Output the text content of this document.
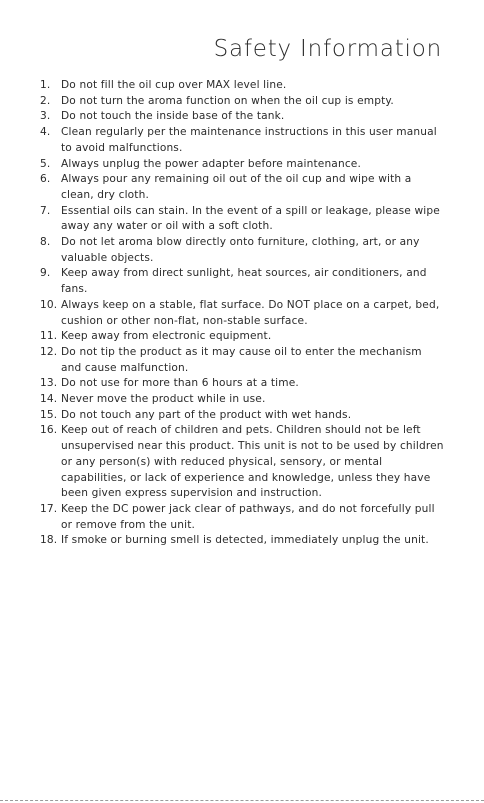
Safety Information
1. Do not fill the oil cup over MAX level line.
2. Do not turn the aroma function on when the oil cup is empty.
3. Do not touch the inside base of the tank.
4. Clean regularly per the maintenance instructions in this user manual to avoid malfunctions.
5. Always unplug the power adapter before maintenance.
6. Always pour any remaining oil out of the oil cup and wipe with a clean, dry cloth.
7. Essential oils can stain. In the event of a spill or leakage, please wipe away any water or oil with a soft cloth.
8. Do not let aroma blow directly onto furniture, clothing, art, or any valuable objects.
9. Keep away from direct sunlight, heat sources, air conditioners, and fans.
10. Always keep on a stable, flat surface. Do NOT place on a carpet, bed, cushion or other non-flat, non-stable surface.
11. Keep away from electronic equipment.
12. Do not tip the product as it may cause oil to enter the mechanism and cause malfunction.
13. Do not use for more than 6 hours at a time.
14. Never move the product while in use.
15. Do not touch any part of the product with wet hands.
16. Keep out of reach of children and pets. Children should not be left unsupervised near this product. This unit is not to be used by children or any person(s) with reduced physical, sensory, or mental capabilities, or lack of experience and knowledge, unless they have been given express supervision and instruction.
17. Keep the DC power jack clear of pathways, and do not forcefully pull or remove from the unit.
18. If smoke or burning smell is detected, immediately unplug the unit.
